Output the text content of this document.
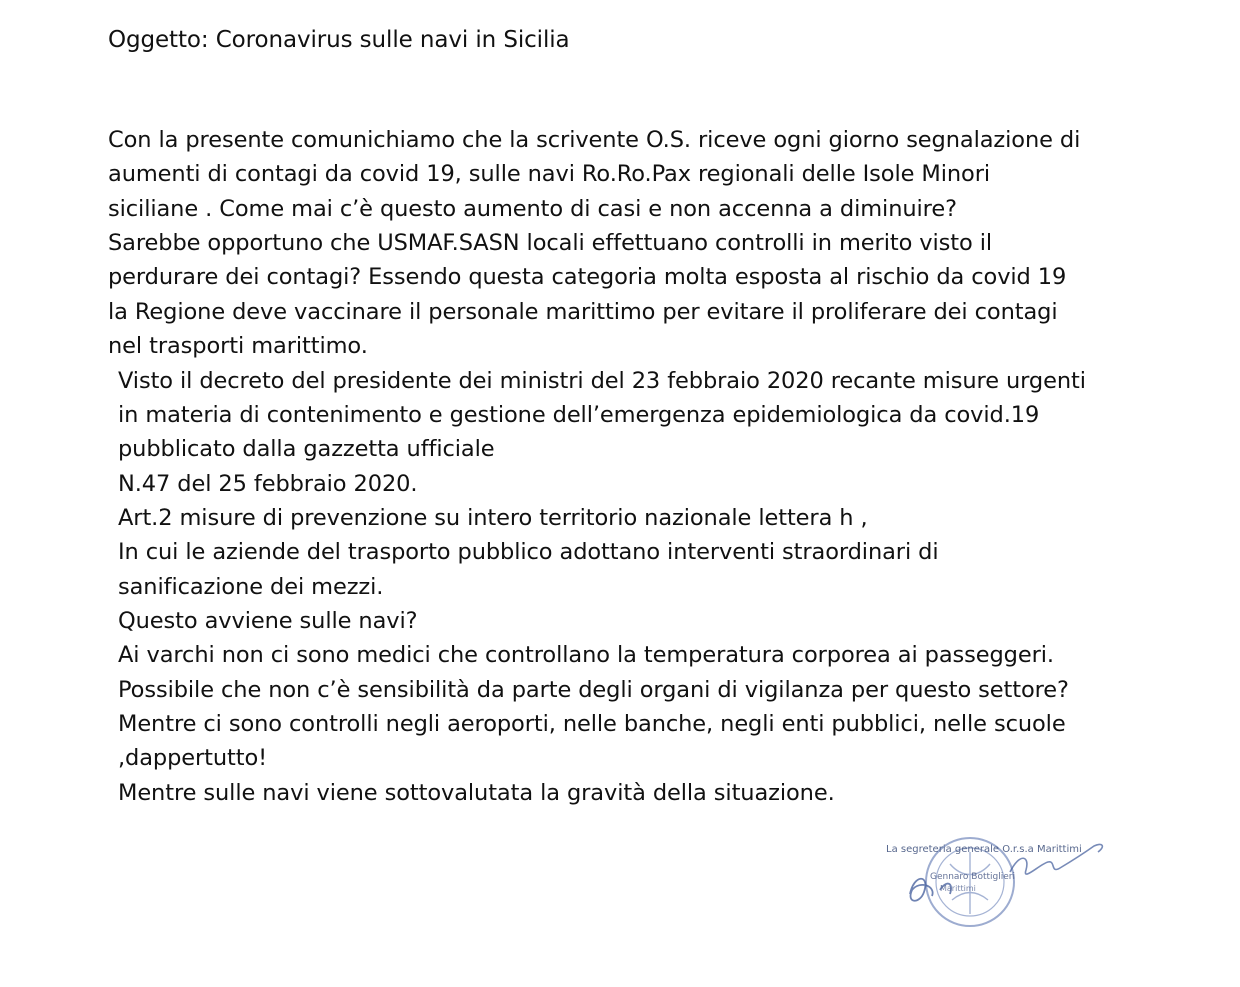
Oggetto: Coronavirus sulle navi in Sicilia
Con la presente comunichiamo che la scrivente O.S. riceve ogni giorno segnalazione di
aumenti di contagi da covid 19, sulle navi Ro.Ro.Pax regionali delle Isole Minori
siciliane . Come mai c’è questo aumento di casi e non accenna a diminuire?
Sarebbe opportuno che USMAF.SASN locali effettuano controlli in merito visto il
perdurare dei contagi? Essendo questa categoria molta esposta al rischio da covid 19
la Regione deve vaccinare il personale marittimo per evitare il proliferare dei contagi
nel trasporti marittimo.
Visto il decreto del presidente dei ministri del 23 febbraio 2020 recante misure urgenti
in materia di contenimento e gestione dell’emergenza epidemiologica da covid.19
pubblicato dalla gazzetta ufficiale
N.47 del 25 febbraio 2020.
Art.2 misure di prevenzione su intero territorio nazionale lettera h ,
In cui le aziende del trasporto pubblico adottano interventi straordinari di
sanificazione dei mezzi.
Questo avviene sulle navi?
Ai varchi non ci sono medici che controllano la temperatura corporea ai passeggeri.
Possibile che non c’è sensibilità da parte degli organi di vigilanza per questo settore?
Mentre ci sono controlli negli aeroporti, nelle banche, negli enti pubblici, nelle scuole
,dappertutto!
Mentre sulle navi viene sottovalutata la gravità della situazione.
La segreteria generale O.r.s.a Marittimi
Gennaro Bottiglieri
Marittimi
